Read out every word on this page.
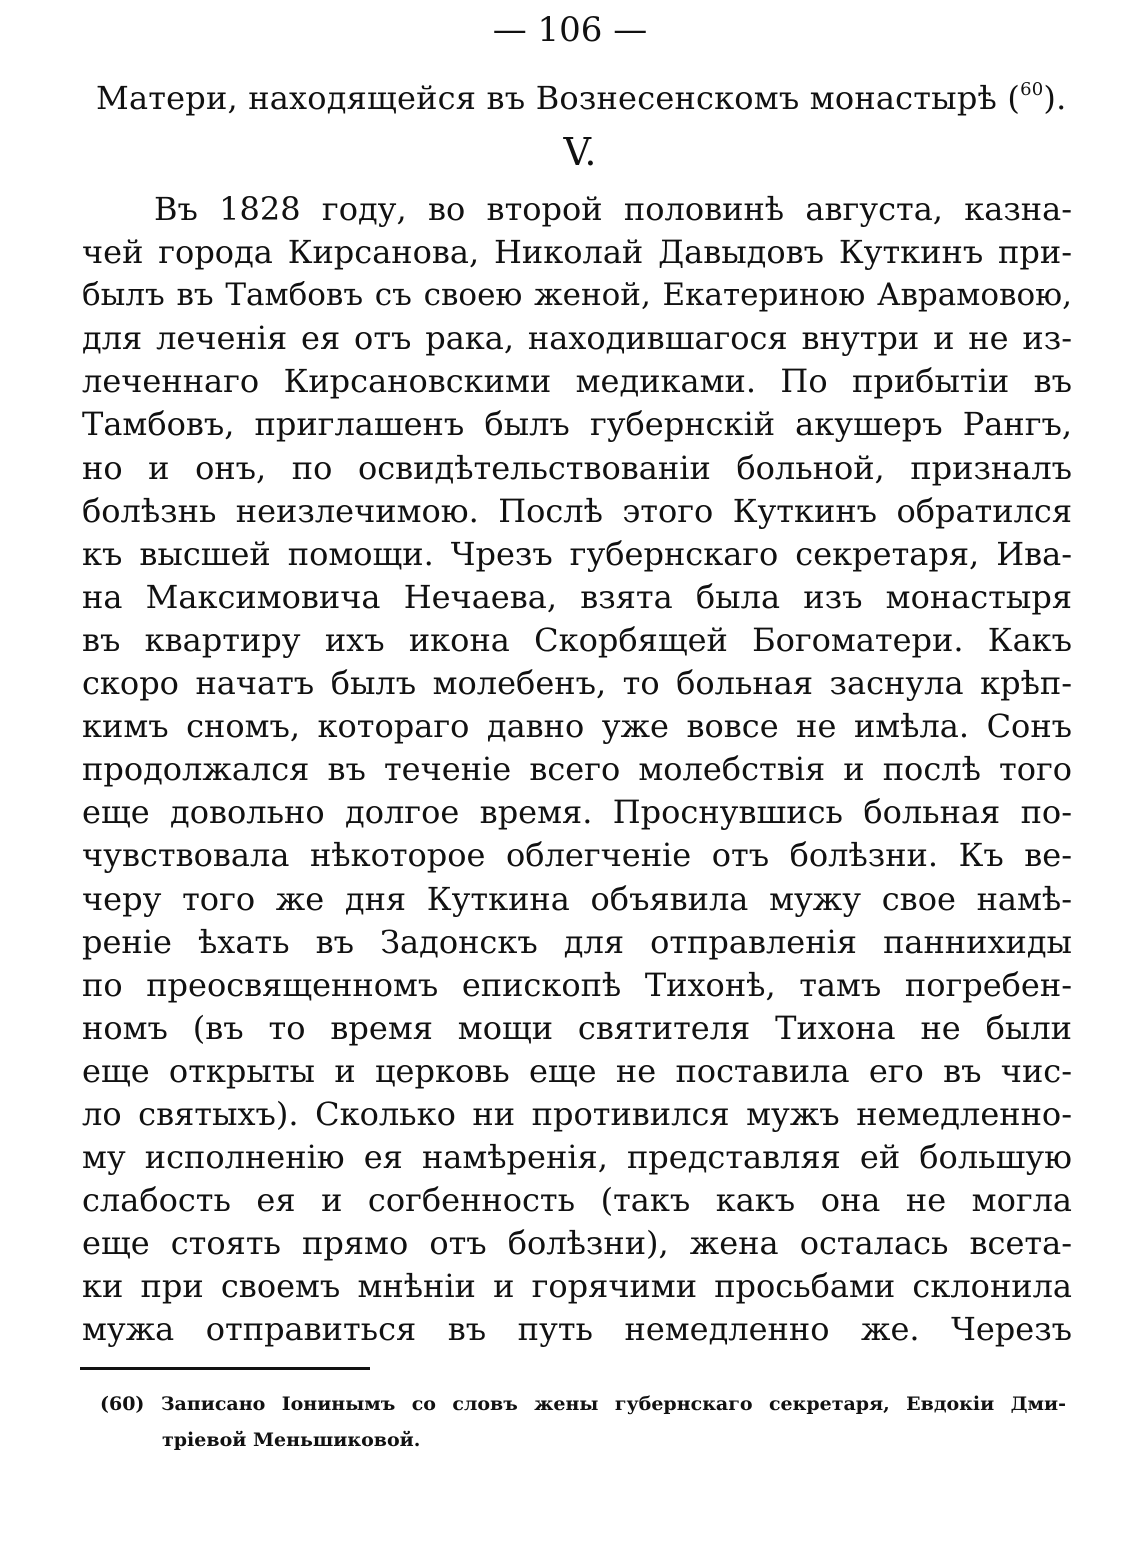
— 106 —
Матери, находящейся въ Вознесенскомъ монастырѣ ($^{60}$).
V.
Въ 1828 году, во второй половинѣ августа, казна-
чей города Кирсанова, Николай Давыдовъ Куткинъ при-
былъ въ Тамбовъ съ своею женой, Екатериною Аврамовою,
для леченія ея отъ рака, находившагося внутри и не из-
леченнаго Кирсановскими медиками. По прибытіи въ
Тамбовъ, приглашенъ былъ губернскій акушеръ Рангъ,
но и онъ, по освидѣтельствованіи больной, призналъ
болѣзнь неизлечимою. Послѣ этого Куткинъ обратился
къ высшей помощи. Чрезъ губернскаго секретаря, Ива-
на Максимовича Нечаева, взята была изъ монастыря
въ квартиру ихъ икона Скорбящей Богоматери. Какъ
скоро начатъ былъ молебенъ, то больная заснула крѣп-
кимъ сномъ, котораго давно уже вовсе не имѣла. Сонъ
продолжался въ теченіе всего молебствія и послѣ того
еще довольно долгое время. Проснувшись больная по-
чувствовала нѣкоторое облегченіе отъ болѣзни. Къ ве-
черу того же дня Куткина объявила мужу свое намѣ-
реніе ѣхать въ Задонскъ для отправленія паннихиды
по преосвященномъ епископѣ Тихонѣ, тамъ погребен-
номъ (въ то время мощи святителя Тихона не были
еще открыты и церковь еще не поставила его въ чис-
ло святыхъ). Сколько ни противился мужъ немедленно-
му исполненію ея намѣренія, представляя ей большую
слабость ея и согбенность (такъ какъ она не могла
еще стоять прямо отъ болѣзни), жена осталась всета-
ки при своемъ мнѣніи и горячими просьбами склонила
мужа отправиться въ путь немедленно же. Черезъ
(60) Записано Іонинымъ со словъ жены губернскаго секретаря, Евдокіи Дми-
тріевой Меньшиковой.
